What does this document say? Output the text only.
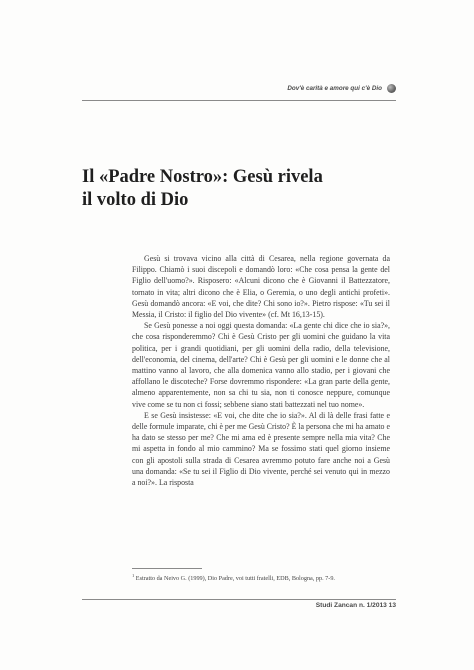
Dov'è carità e amore qui c'è Dio
Il «Padre Nostro»: Gesù rivela
il volto di Dio

Gesù si trovava vicino alla città di Cesarea, nella regione governata da Filippo. Chiamò i suoi discepoli e domandò loro: «Che cosa pensa la gente del Figlio dell'uomo?». Risposero: «Alcuni dicono che è Giovanni il Battezzatore, tornato in vita; altri dicono che è Elia, o Geremia, o uno degli antichi profeti». Gesù domandò ancora: «E voi, che dite? Chi sono io?». Pietro rispose: «Tu sei il Messia, il Cristo: il figlio del Dio vivente» (cf. Mt 16,13-15).

Se Gesù ponesse a noi oggi questa domanda: «La gente chi dice che io sia?», che cosa risponderemmo? Chi è Gesù Cristo per gli uomini che guidano la vita politica, per i grandi quotidiani, per gli uomini della radio, della televisione, dell'economia, del cinema, dell'arte? Chi è Gesù per gli uomini e le donne che al mattino vanno al lavoro, che alla domenica vanno allo stadio, per i giovani che affollano le discoteche? Forse dovremmo rispondere: «La gran parte della gente, almeno apparentemente, non sa chi tu sia, non ti conosce neppure, comunque vive come se tu non ci fossi; sebbene siano stati battezzati nel tuo nome».

E se Gesù insistesse: «E voi, che dite che io sia?». Al di là delle frasi fatte e delle formule imparate, chi è per me Gesù Cristo? È la persona che mi ha amato e ha dato se stesso per me? Che mi ama ed è presente sempre nella mia vita? Che mi aspetta in fondo al mio cammino? Ma se fossimo stati quel giorno insieme con gli apostoli sulla strada di Cesarea avremmo potuto fare anche noi a Gesù una domanda: «Se tu sei il Figlio di Dio vivente, perché sei venuto qui in mezzo a noi?». La risposta

$^1$ Estratto da Neivo G. (1999), Dio Padre, voi tutti fratelli, EDB, Bologna, pp. 7-9.
Studi Zancan n. 1/2013 13
